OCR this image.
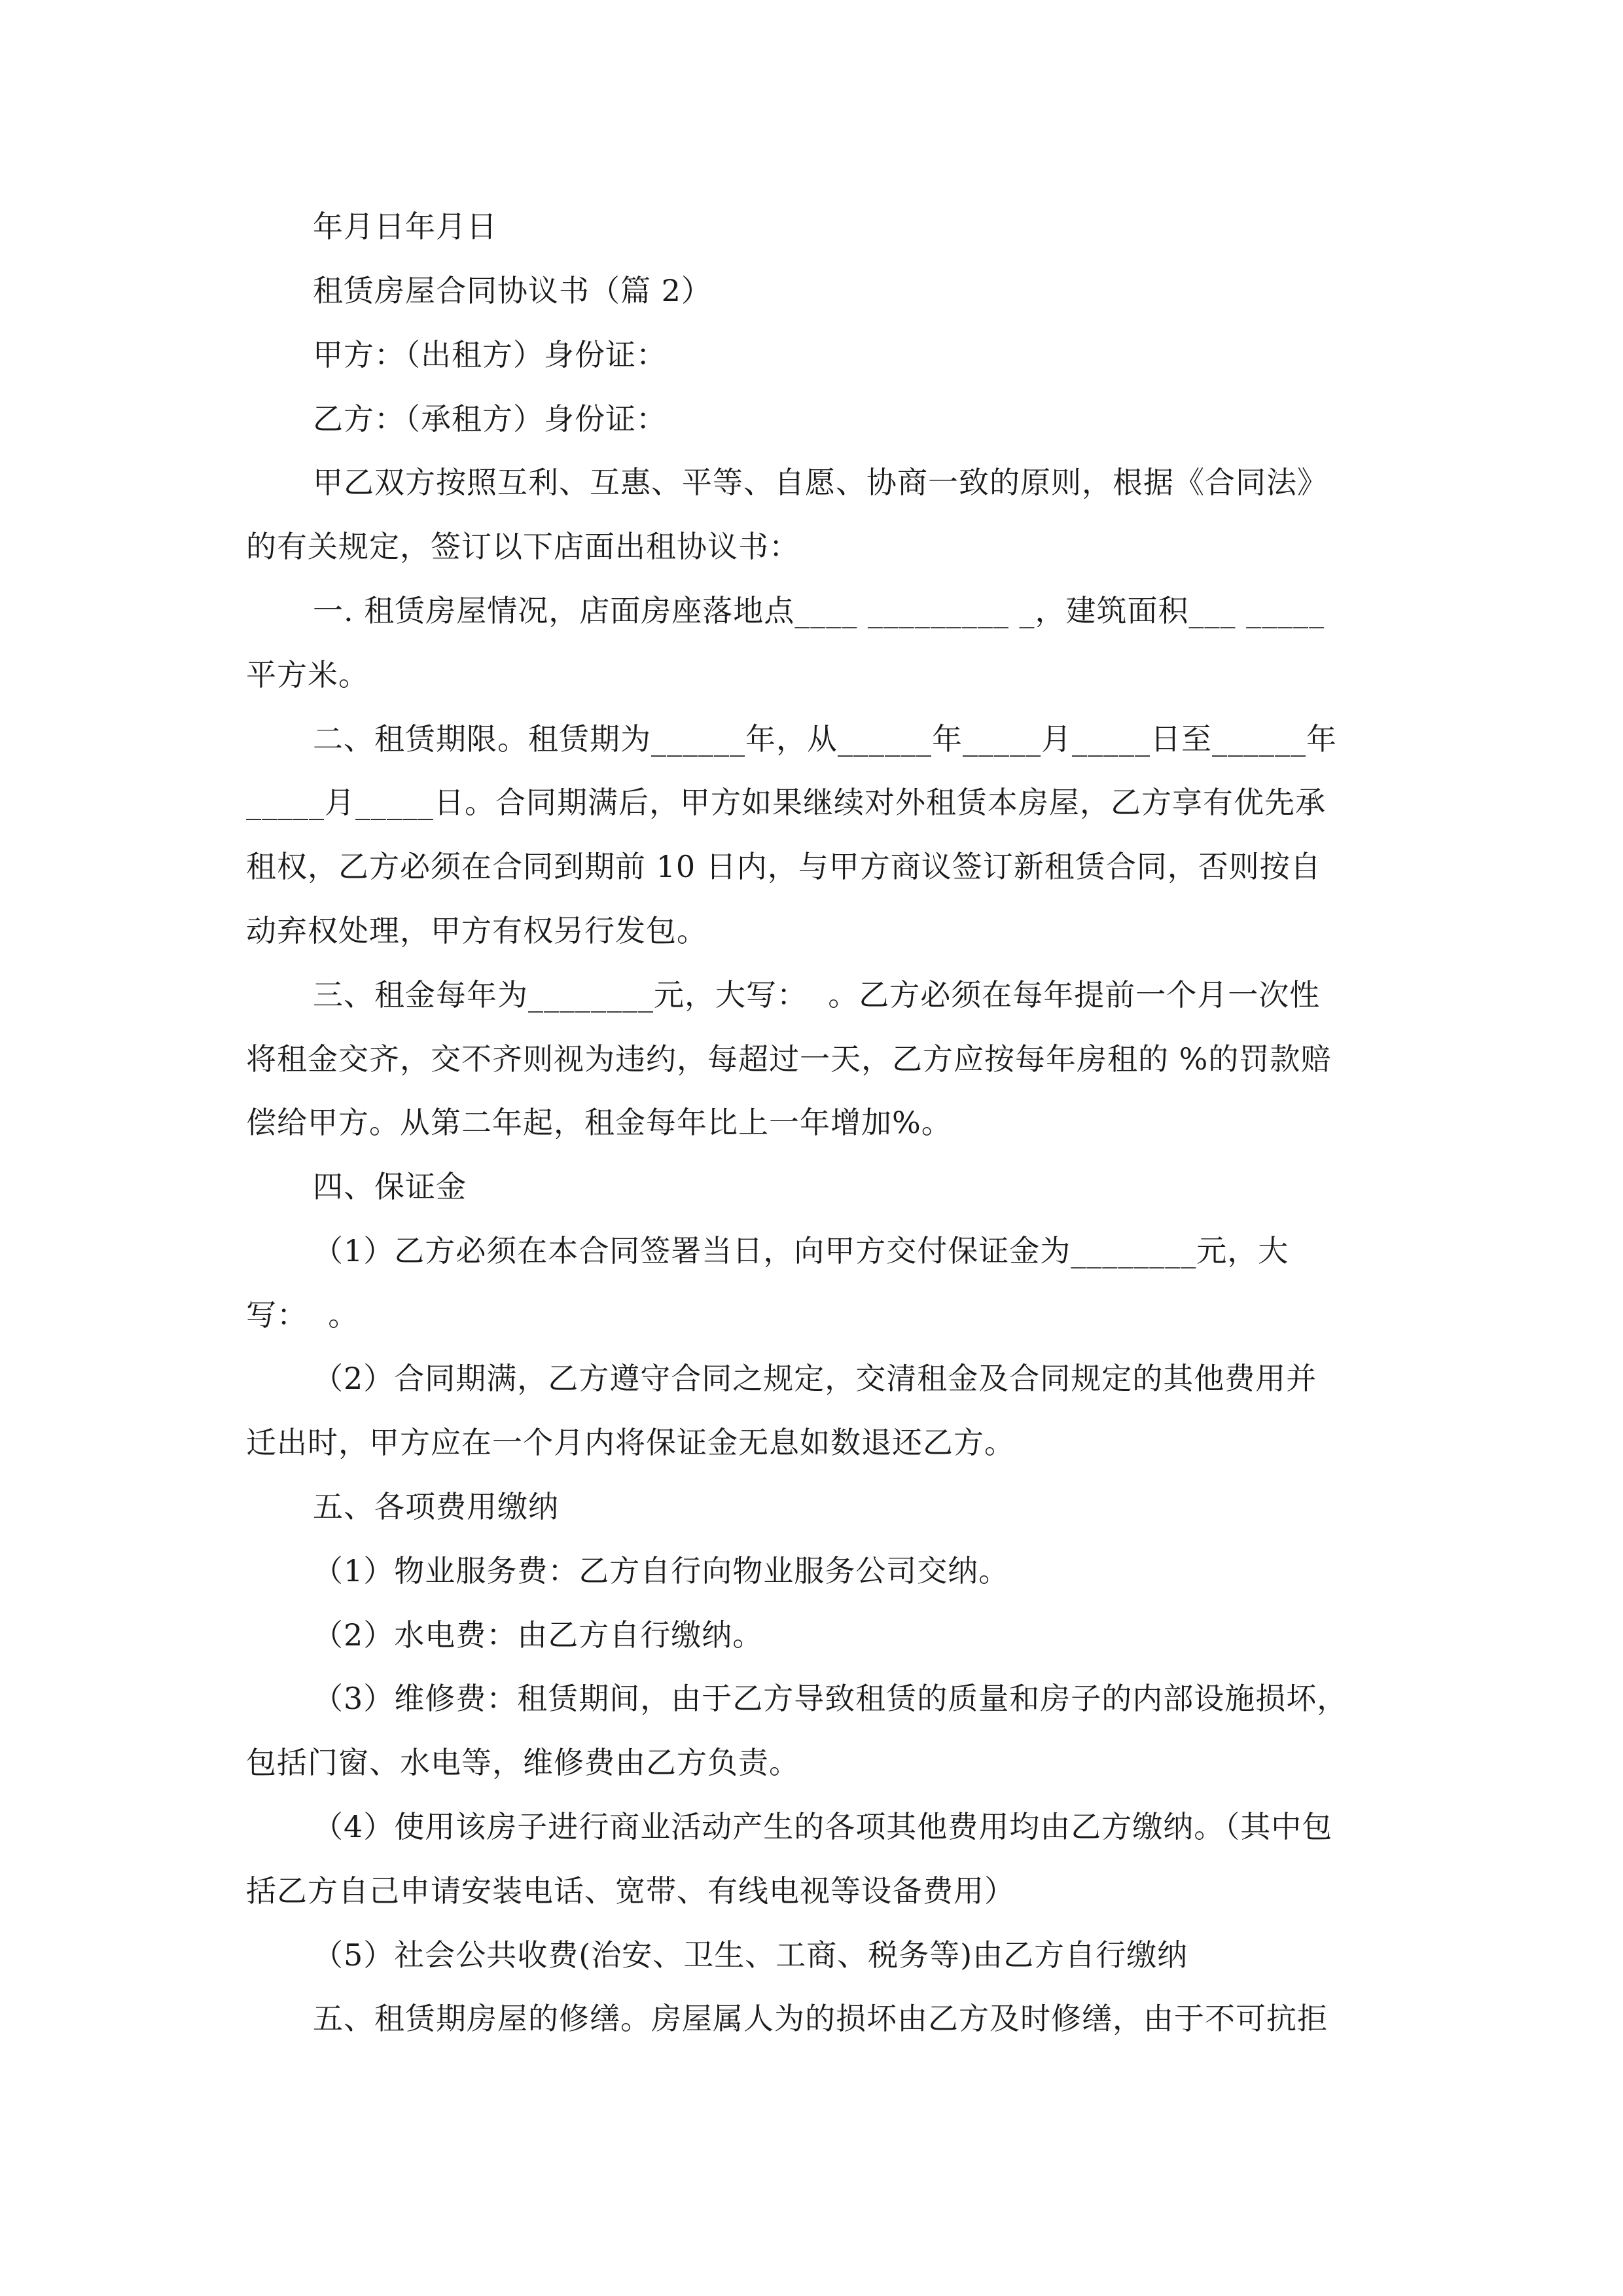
年月日年月日
租赁房屋合同协议书（篇 2）
甲方：（出租方）身份证：
乙方：（承租方）身份证：
甲乙双方按照互利、互惠、平等、自愿、协商一致的原则，根据《合同法》
的有关规定，签订以下店面出租协议书：
一. 租赁房屋情况，店面房座落地点____ _________ _，建筑面积___ _____
平方米。
二、租赁期限。租赁期为______年，从______年_____月_____日至______年
_____月_____日。合同期满后，甲方如果继续对外租赁本房屋，乙方享有优先承
租权，乙方必须在合同到期前 10 日内，与甲方商议签订新租赁合同，否则按自
动弃权处理，甲方有权另行发包。
三、租金每年为________元，大写：  。乙方必须在每年提前一个月一次性
将租金交齐，交不齐则视为违约，每超过一天，乙方应按每年房租的 %的罚款赔
偿给甲方。从第二年起，租金每年比上一年增加%。
四、保证金
（1）乙方必须在本合同签署当日，向甲方交付保证金为________元，大
写：  。
（2）合同期满，乙方遵守合同之规定，交清租金及合同规定的其他费用并
迁出时，甲方应在一个月内将保证金无息如数退还乙方。
五、各项费用缴纳
（1）物业服务费：乙方自行向物业服务公司交纳。
（2）水电费：由乙方自行缴纳。
（3）维修费：租赁期间，由于乙方导致租赁的质量和房子的内部设施损坏，
包括门窗、水电等，维修费由乙方负责。
（4）使用该房子进行商业活动产生的各项其他费用均由乙方缴纳。（其中包
括乙方自己申请安装电话、宽带、有线电视等设备费用）
（5）社会公共收费(治安、卫生、工商、税务等)由乙方自行缴纳
五、租赁期房屋的修缮。房屋属人为的损坏由乙方及时修缮，由于不可抗拒
